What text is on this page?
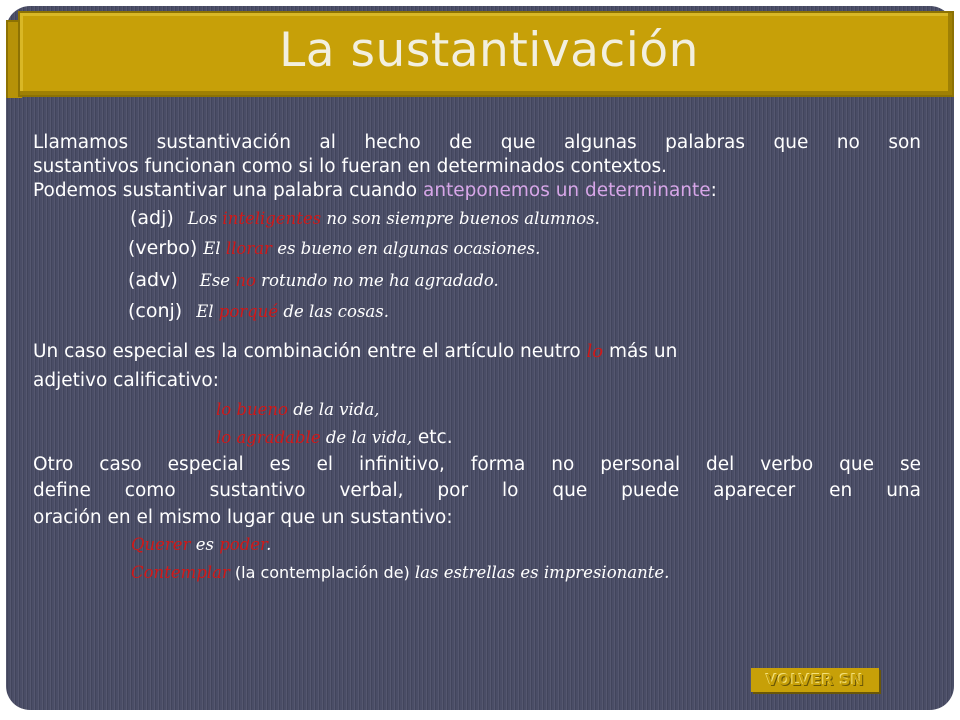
La sustantivación

Llamamos sustantivación al hecho de que algunas palabras que no son

sustantivos funcionan como si lo fueran en determinados contextos.

Podemos sustantivar una palabra cuando anteponemos un determinante:

(adj) Los inteligentes no son siempre buenos alumnos.

(verbo) El llorar es bueno en algunas ocasiones.

(adv) Ese no rotundo no me ha agradado.

(conj) El porqué de las cosas.

Un caso especial es la combinación entre el artículo neutro lo más un

adjetivo calificativo:

lo bueno de la vida,

lo agradable de la vida, etc.

Otro caso especial es el infinitivo, forma no personal del verbo que se

define como sustantivo verbal, por lo que puede aparecer en una

oración en el mismo lugar que un sustantivo:

Querer es poder.

Contemplar (la contemplación de) las estrellas es impresionante.

VOLVER SN
